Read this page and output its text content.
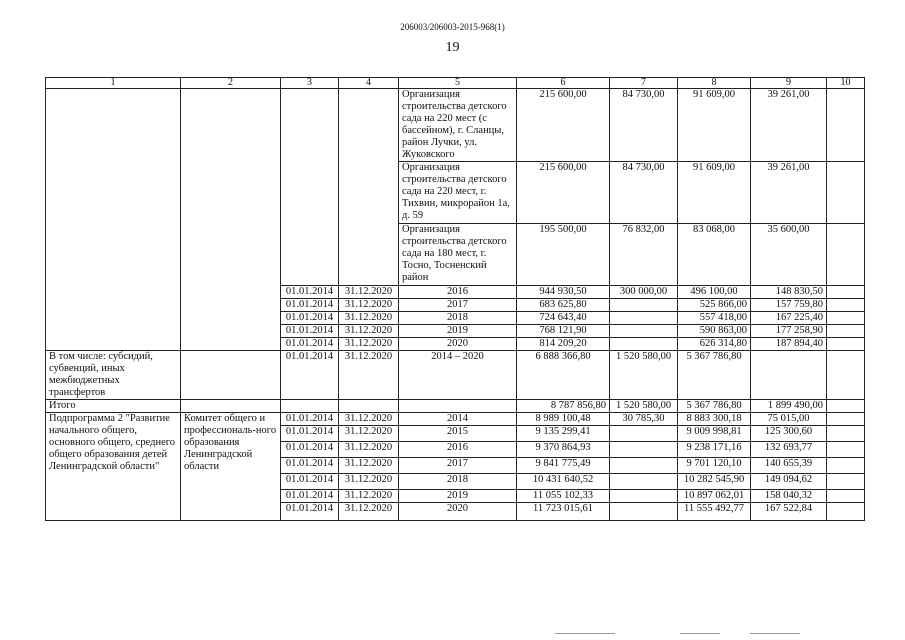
206003/206003-2015-968(1)
19
1	2	3	4	5	6	7	8	9	10
				Организация строительства детского сада на 220 мест (с бассейном), г. Сланцы, район Лучки, ул. Жуковского	215 600,00	84 730,00	91 609,00	39 261,00	
				Организация строительства детского сада на 220 мест, г. Тихвин, микрорайон 1а, д. 59	215 600,00	84 730,00	91 609,00	39 261,00	
				Организация строительства детского сада на 180 мест, г. Тосно, Тосненский район	195 500,00	76 832,00	83 068,00	35 600,00	
		01.01.2014	31.12.2020	2016	944 930,50	300 000,00	496 100,00	148 830,50	
		01.01.2014	31.12.2020	2017	683 625,80		525 866,00	157 759,80	
		01.01.2014	31.12.2020	2018	724 643,40		557 418,00	167 225,40	
		01.01.2014	31.12.2020	2019	768 121,90		590 863,00	177 258,90	
		01.01.2014	31.12.2020	2020	814 209,20		626 314,80	187 894,40	
В том числе: субсидий, субвенций, иных межбюджетных трансфертов		01.01.2014	31.12.2020	2014 – 2020	6 888 366,80	1 520 580,00	5 367 786,80		
Итого					8 787 856,80	1 520 580,00	5 367 786,80	1 899 490,00	
Подпрограмма 2 "Развитие начального общего, основного общего, среднего общего образования детей Ленинградской области"	Комитет общего и профессиональ-ного образования Ленинградской области	01.01.2014	31.12.2020	2014	8 989 100,48	30 785,30	8 883 300,18	75 015,00	
		01.01.2014	31.12.2020	2015	9 135 299,41		9 009 998,81	125 300,60	
		01.01.2014	31.12.2020	2016	9 370 864,93		9 238 171,16	132 693,77	
		01.01.2014	31.12.2020	2017	9 841 775,49		9 701 120,10	140 655,39	
		01.01.2014	31.12.2020	2018	10 431 640,52		10 282 545,90	149 094,62	
		01.01.2014	31.12.2020	2019	11 055 102,33		10 897 062,01	158 040,32	
		01.01.2014	31.12.2020	2020	11 723 015,61		11 555 492,77	167 522,84	
